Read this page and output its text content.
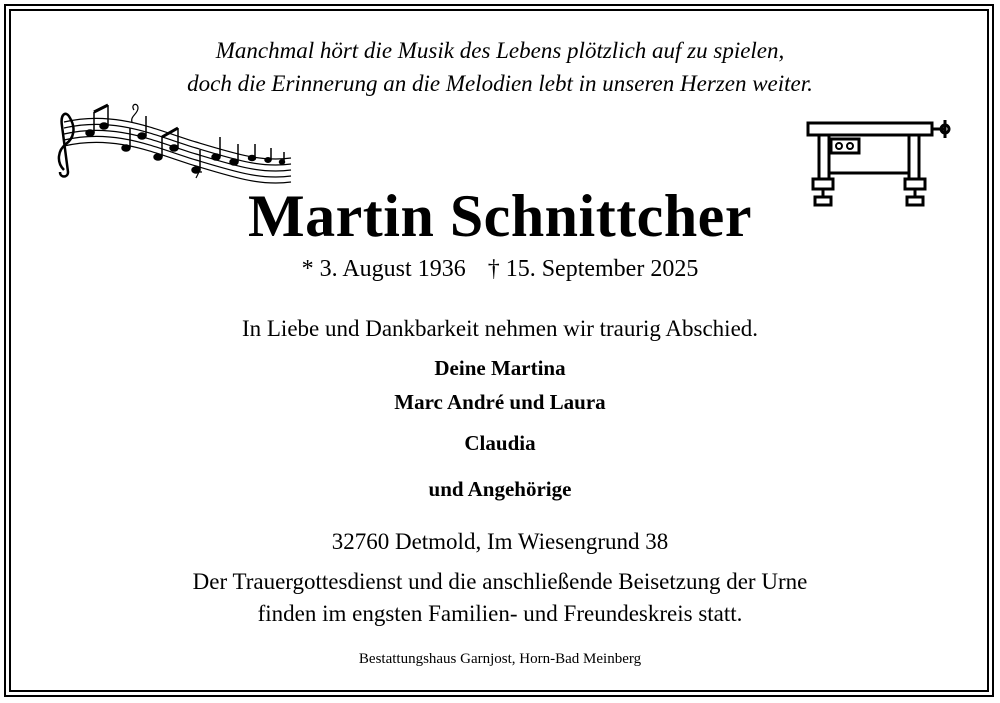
Manchmal hört die Musik des Lebens plötzlich auf zu spielen,
doch die Erinnerung an die Melodien lebt in unseren Herzen weiter.
Martin Schnittcher
* 3. August 1936 † 15. September 2025
In Liebe und Dankbarkeit nehmen wir traurig Abschied.
Deine Martina
Marc André und Laura
Claudia
und Angehörige
32760 Detmold, Im Wiesengrund 38
Der Trauergottesdienst und die anschließende Beisetzung der Urne
finden im engsten Familien- und Freundeskreis statt.
Bestattungshaus Garnjost, Horn-Bad Meinberg
